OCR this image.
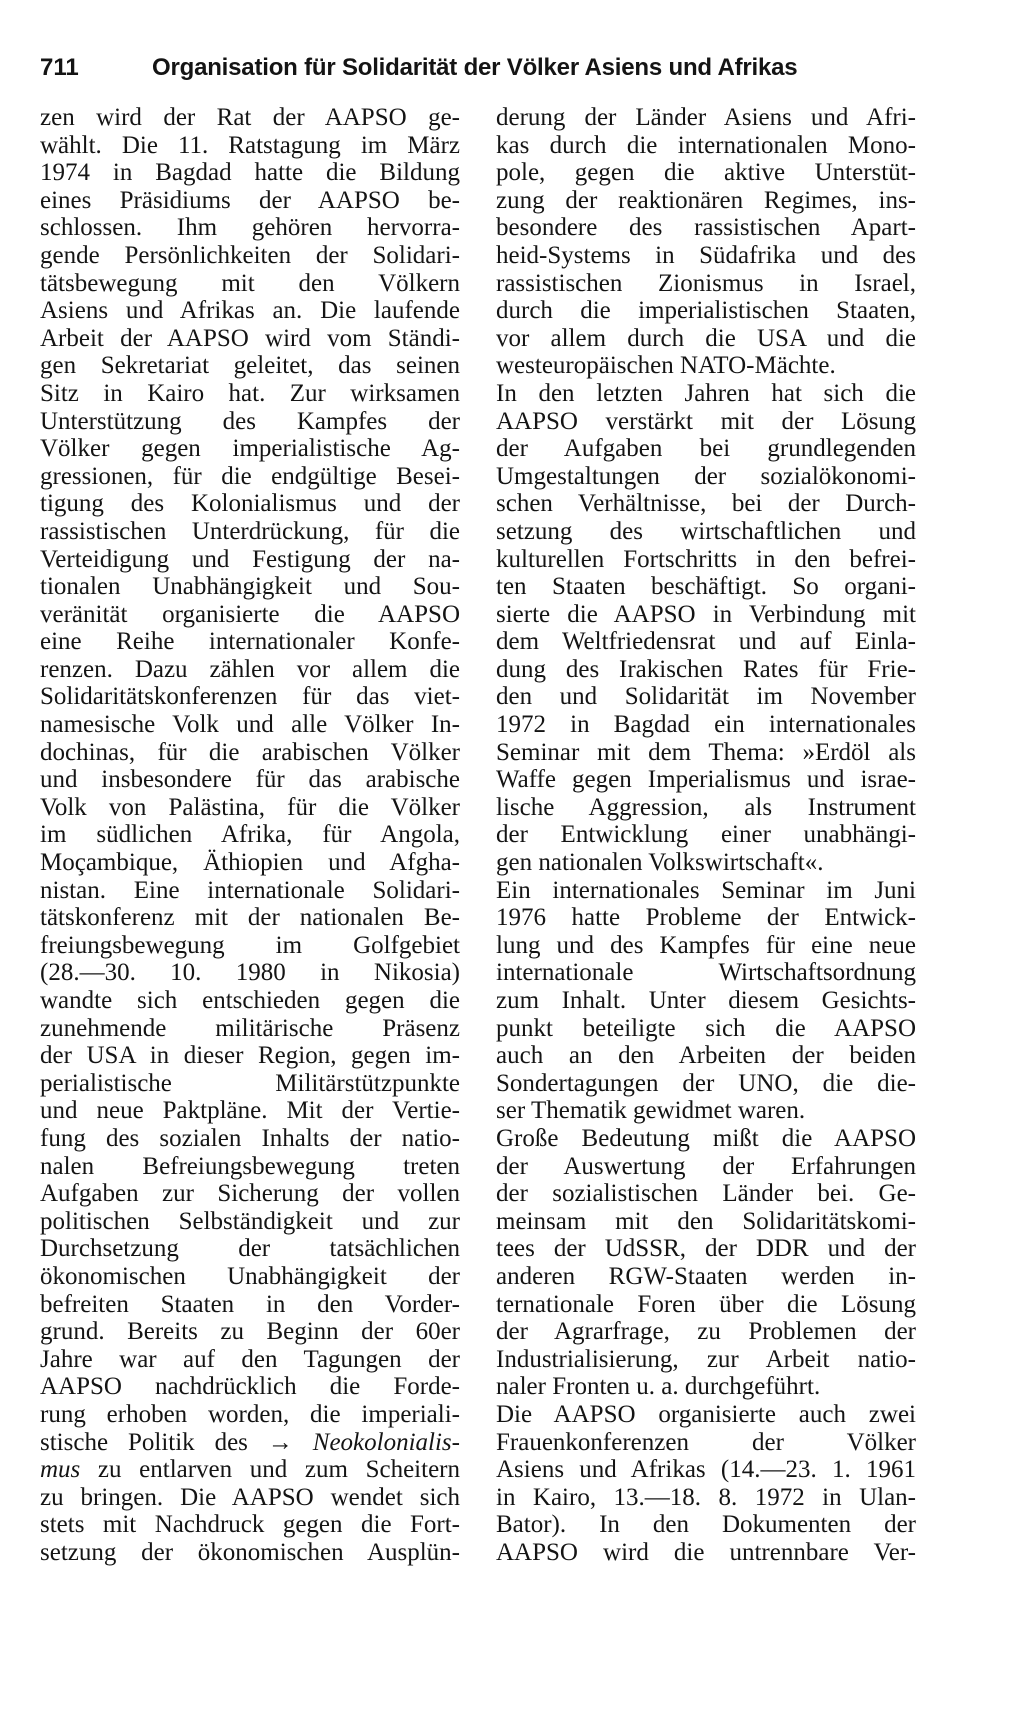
711	Organisation für Solidarität der Völker Asiens und Afrikas
zen wird der Rat der AAPSO ge-
wählt. Die 11. Ratstagung im März
1974 in Bagdad hatte die Bildung
eines Präsidiums der AAPSO be-
schlossen. Ihm gehören hervorra-
gende Persönlichkeiten der Solidari-
tätsbewegung mit den Völkern
Asiens und Afrikas an. Die laufende
Arbeit der AAPSO wird vom Ständi-
gen Sekretariat geleitet, das seinen
Sitz in Kairo hat. Zur wirksamen
Unterstützung des Kampfes der
Völker gegen imperialistische Ag-
gressionen, für die endgültige Besei-
tigung des Kolonialismus und der
rassistischen Unterdrückung, für die
Verteidigung und Festigung der na-
tionalen Unabhängigkeit und Sou-
veränität organisierte die AAPSO
eine Reihe internationaler Konfe-
renzen. Dazu zählen vor allem die
Solidaritätskonferenzen für das viet-
namesische Volk und alle Völker In-
dochinas, für die arabischen Völker
und insbesondere für das arabische
Volk von Palästina, für die Völker
im südlichen Afrika, für Angola,
Moçambique, Äthiopien und Afgha-
nistan. Eine internationale Solidari-
tätskonferenz mit der nationalen Be-
freiungsbewegung im Golfgebiet
(28.—30. 10. 1980 in Nikosia)
wandte sich entschieden gegen die
zunehmende militärische Präsenz
der USA in dieser Region, gegen im-
perialistische Militärstützpunkte
und neue Paktpläne. Mit der Vertie-
fung des sozialen Inhalts der natio-
nalen Befreiungsbewegung treten
Aufgaben zur Sicherung der vollen
politischen Selbständigkeit und zur
Durchsetzung der tatsächlichen
ökonomischen Unabhängigkeit der
befreiten Staaten in den Vorder-
grund. Bereits zu Beginn der 60er
Jahre war auf den Tagungen der
AAPSO nachdrücklich die Forde-
rung erhoben worden, die imperiali-
stische Politik des → Neokolonialis-
mus zu entlarven und zum Scheitern
zu bringen. Die AAPSO wendet sich
stets mit Nachdruck gegen die Fort-
setzung der ökonomischen Ausplün-
derung der Länder Asiens und Afri-
kas durch die internationalen Mono-
pole, gegen die aktive Unterstüt-
zung der reaktionären Regimes, ins-
besondere des rassistischen Apart-
heid-Systems in Südafrika und des
rassistischen Zionismus in Israel,
durch die imperialistischen Staaten,
vor allem durch die USA und die
westeuropäischen NATO-Mächte.
In den letzten Jahren hat sich die
AAPSO verstärkt mit der Lösung
der Aufgaben bei grundlegenden
Umgestaltungen der sozialökonomi-
schen Verhältnisse, bei der Durch-
setzung des wirtschaftlichen und
kulturellen Fortschritts in den befrei-
ten Staaten beschäftigt. So organi-
sierte die AAPSO in Verbindung mit
dem Weltfriedensrat und auf Einla-
dung des Irakischen Rates für Frie-
den und Solidarität im November
1972 in Bagdad ein internationales
Seminar mit dem Thema: »Erdöl als
Waffe gegen Imperialismus und israe-
lische Aggression, als Instrument
der Entwicklung einer unabhängi-
gen nationalen Volkswirtschaft«.
Ein internationales Seminar im Juni
1976 hatte Probleme der Entwick-
lung und des Kampfes für eine neue
internationale Wirtschaftsordnung
zum Inhalt. Unter diesem Gesichts-
punkt beteiligte sich die AAPSO
auch an den Arbeiten der beiden
Sondertagungen der UNO, die die-
ser Thematik gewidmet waren.
Große Bedeutung mißt die AAPSO
der Auswertung der Erfahrungen
der sozialistischen Länder bei. Ge-
meinsam mit den Solidaritätskomi-
tees der UdSSR, der DDR und der
anderen RGW-Staaten werden in-
ternationale Foren über die Lösung
der Agrarfrage, zu Problemen der
Industrialisierung, zur Arbeit natio-
naler Fronten u. a. durchgeführt.
Die AAPSO organisierte auch zwei
Frauenkonferenzen der Völker
Asiens und Afrikas (14.—23. 1. 1961
in Kairo, 13.—18. 8. 1972 in Ulan-
Bator). In den Dokumenten der
AAPSO wird die untrennbare Ver-
